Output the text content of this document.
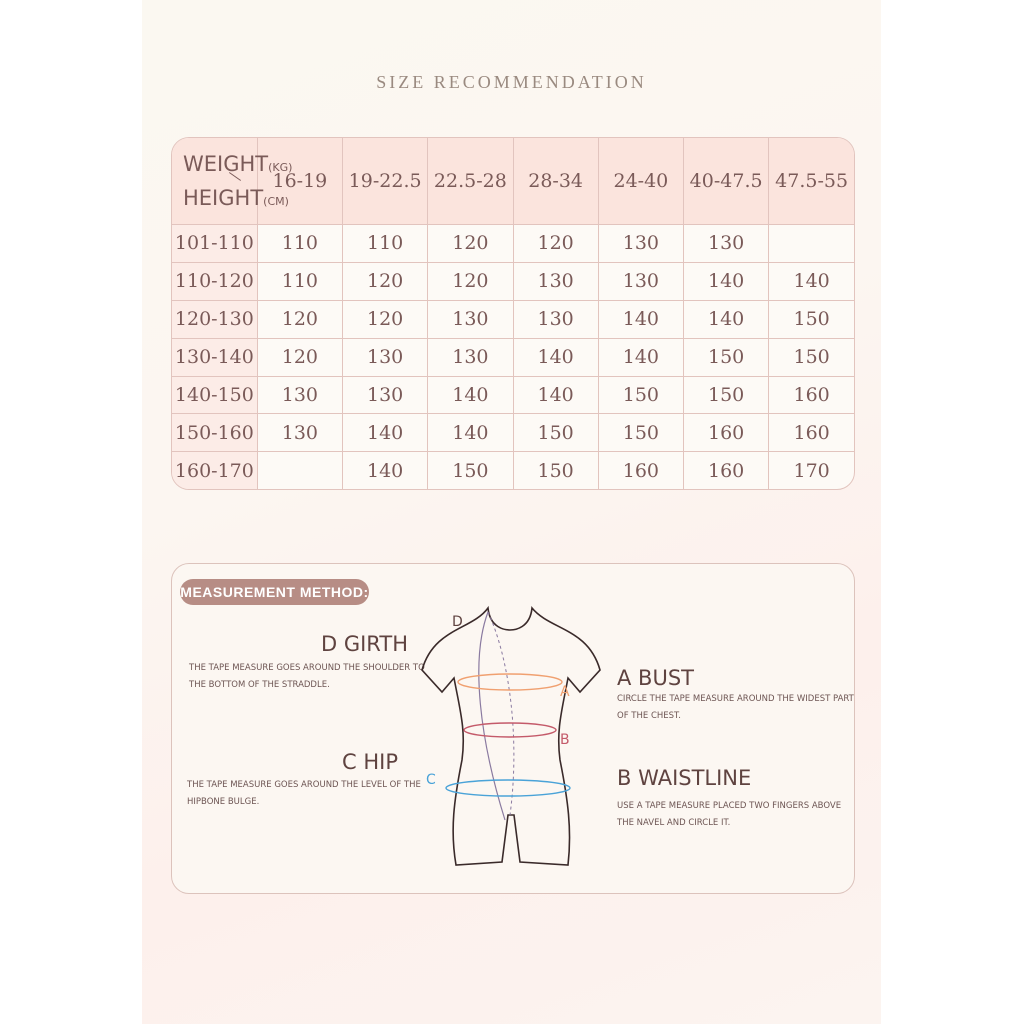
SIZE RECOMMENDATION
WEIGHT(KG)
HEIGHT(CM)	16-19	19-22.5	22.5-28	28-34	24-40	40-47.5	47.5-55
101-110	110	110	120	120	130	130	
110-120	110	120	120	130	130	140	140
120-130	120	120	130	130	140	140	150
130-140	120	130	130	140	140	150	150
140-150	130	130	140	140	150	150	160
150-160	130	140	140	150	150	160	160
160-170		140	150	150	160	160	170
MEASUREMENT METHOD:
D GIRTH
THE TAPE MEASURE GOES AROUND THE SHOULDER TO
THE BOTTOM OF THE STRADDLE.
C HIP
THE TAPE MEASURE GOES AROUND THE LEVEL OF THE
HIPBONE BULGE.
A BUST
CIRCLE THE TAPE MEASURE AROUND THE WIDEST PART
OF THE CHEST.
B WAISTLINE
USE A TAPE MEASURE PLACED TWO FINGERS ABOVE
THE NAVEL AND CIRCLE IT.
D
A
B
C
